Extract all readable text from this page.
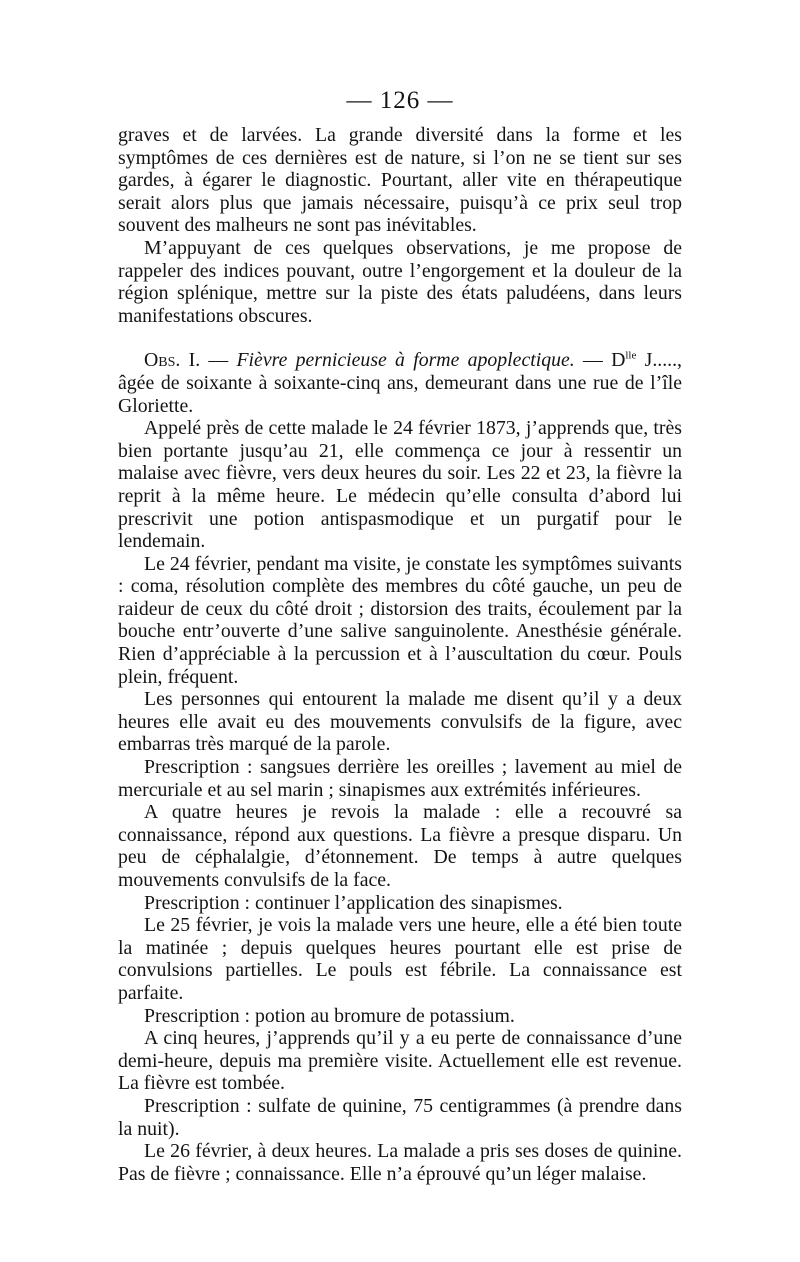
— 126 —

graves et de larvées. La grande diversité dans la forme et les symptômes de ces dernières est de nature, si l’on ne se tient sur ses gardes, à égarer le diagnostic. Pourtant, aller vite en thérapeutique serait alors plus que jamais nécessaire, puisqu’à ce prix seul trop souvent des malheurs ne sont pas inévitables.

M’appuyant de ces quelques observations, je me propose de rappeler des indices pouvant, outre l’engorgement et la douleur de la région splénique, mettre sur la piste des états paludéens, dans leurs manifestations obscures.

Obs. I. — Fièvre pernicieuse à forme apoplectique. — $D^{lle}$ J....., âgée de soixante à soixante-cinq ans, demeurant dans une rue de l’île Gloriette.

Appelé près de cette malade le 24 février 1873, j’apprends que, très bien portante jusqu’au 21, elle commença ce jour à ressentir un malaise avec fièvre, vers deux heures du soir. Les 22 et 23, la fièvre la reprit à la même heure. Le médecin qu’elle consulta d’abord lui prescrivit une potion antispasmodique et un purgatif pour le lendemain.

Le 24 février, pendant ma visite, je constate les symptômes suivants : coma, résolution complète des membres du côté gauche, un peu de raideur de ceux du côté droit ; distorsion des traits, écoulement par la bouche entr’ouverte d’une salive sanguinolente. Anesthésie générale. Rien d’appréciable à la percussion et à l’auscultation du cœur. Pouls plein, fréquent.

Les personnes qui entourent la malade me disent qu’il y a deux heures elle avait eu des mouvements convulsifs de la figure, avec embarras très marqué de la parole.

Prescription : sangsues derrière les oreilles ; lavement au miel de mercuriale et au sel marin ; sinapismes aux extrémités inférieures.

A quatre heures je revois la malade : elle a recouvré sa connaissance, répond aux questions. La fièvre a presque disparu. Un peu de céphalalgie, d’étonnement. De temps à autre quelques mouvements convulsifs de la face.

Prescription : continuer l’application des sinapismes.

Le 25 février, je vois la malade vers une heure, elle a été bien toute la matinée ; depuis quelques heures pourtant elle est prise de convulsions partielles. Le pouls est fébrile. La connaissance est parfaite.

Prescription : potion au bromure de potassium.

A cinq heures, j’apprends qu’il y a eu perte de connaissance d’une demi-heure, depuis ma première visite. Actuellement elle est revenue. La fièvre est tombée.

Prescription : sulfate de quinine, 75 centigrammes (à prendre dans la nuit).

Le 26 février, à deux heures. La malade a pris ses doses de quinine. Pas de fièvre ; connaissance. Elle n’a éprouvé qu’un léger malaise.
